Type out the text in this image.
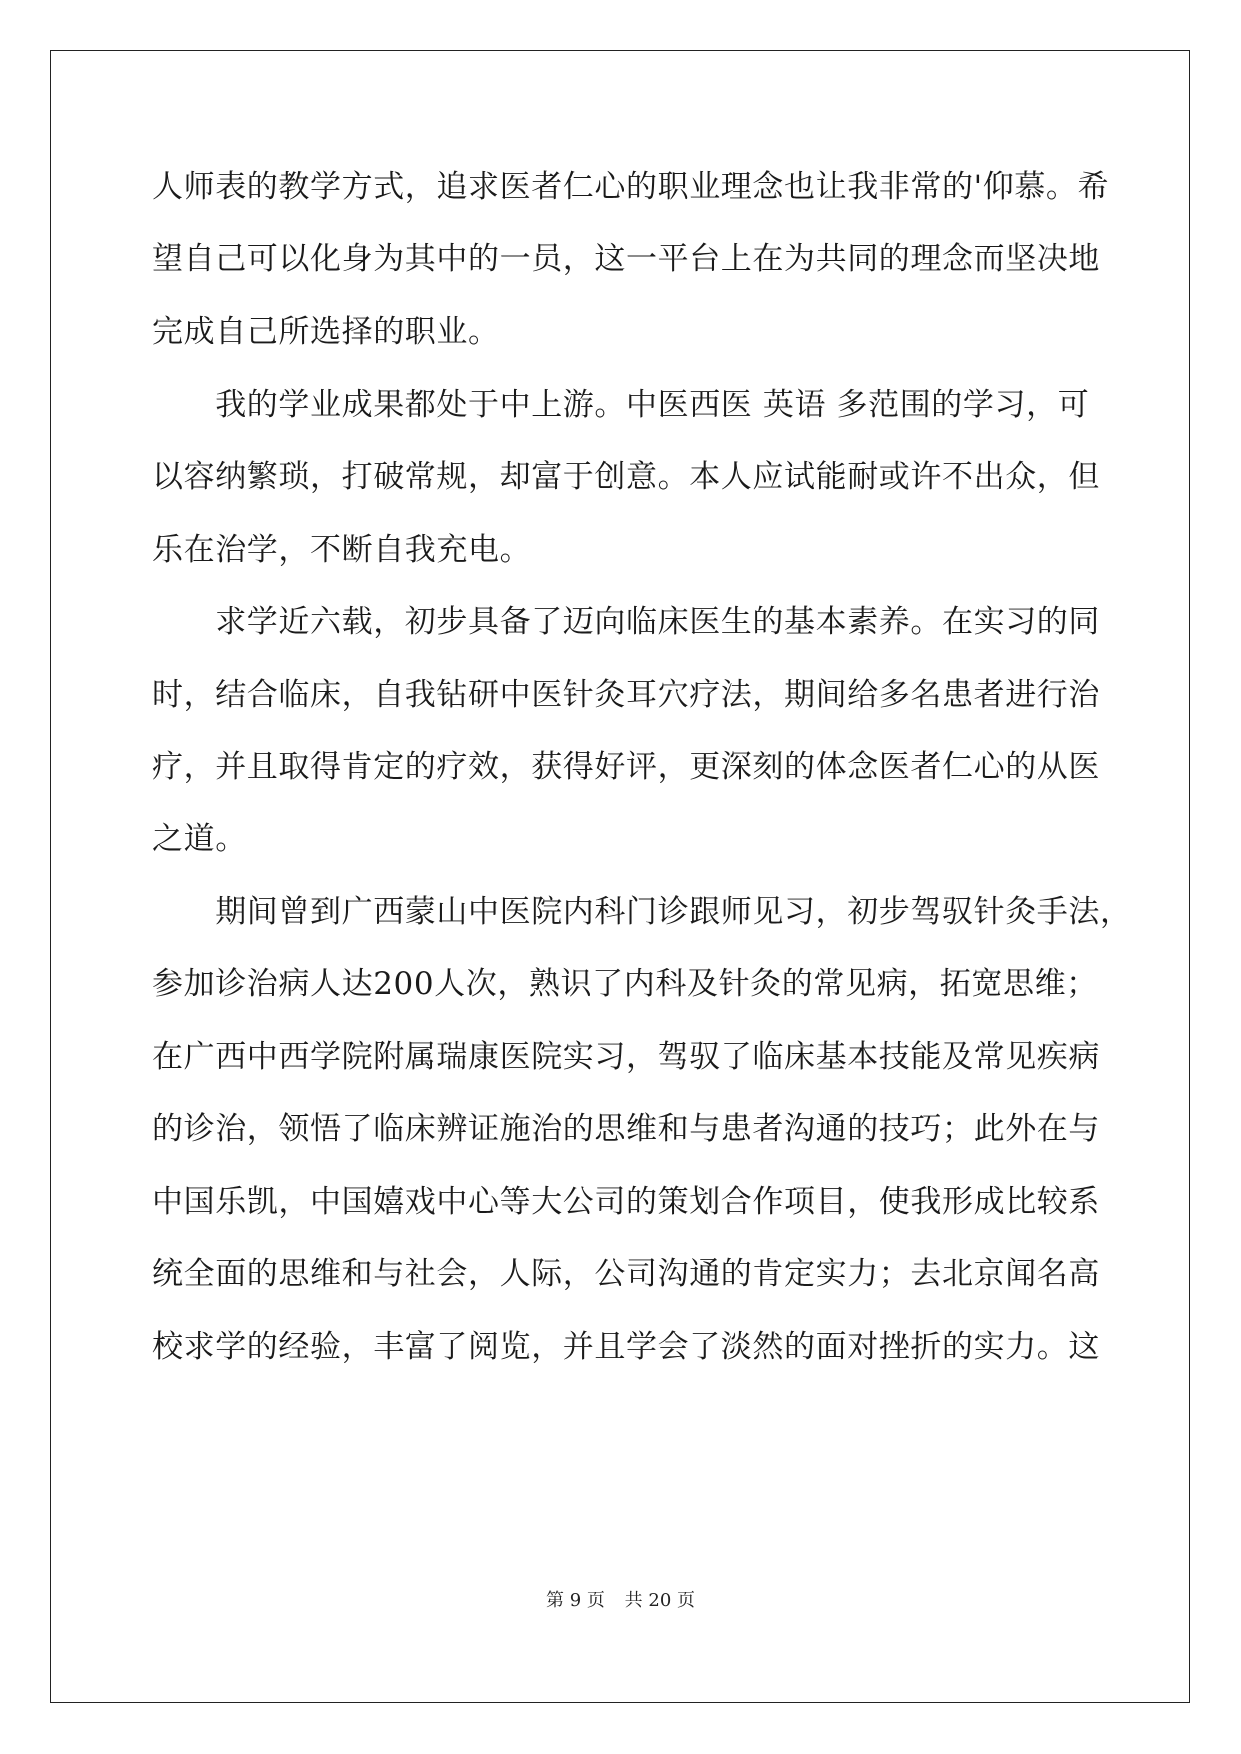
人师表的教学方式，追求医者仁心的职业理念也让我非常的'仰慕。希
望自己可以化身为其中的一员，这一平台上在为共同的理念而坚决地
完成自己所选择的职业。
　　我的学业成果都处于中上游。中医西医 英语 多范围的学习，可
以容纳繁琐，打破常规，却富于创意。本人应试能耐或许不出众，但
乐在治学，不断自我充电。
　　求学近六载，初步具备了迈向临床医生的基本素养。在实习的同
时，结合临床，自我钻研中医针灸耳穴疗法，期间给多名患者进行治
疗，并且取得肯定的疗效，获得好评，更深刻的体念医者仁心的从医
之道。
　　期间曾到广西蒙山中医院内科门诊跟师见习，初步驾驭针灸手法，
参加诊治病人达200人次，熟识了内科及针灸的常见病，拓宽思维；
在广西中西学院附属瑞康医院实习，驾驭了临床基本技能及常见疾病
的诊治，领悟了临床辨证施治的思维和与患者沟通的技巧；此外在与
中国乐凯，中国嬉戏中心等大公司的策划合作项目，使我形成比较系
统全面的思维和与社会，人际，公司沟通的肯定实力；去北京闻名高
校求学的经验，丰富了阅览，并且学会了淡然的面对挫折的实力。这
第 9 页 共 20 页
